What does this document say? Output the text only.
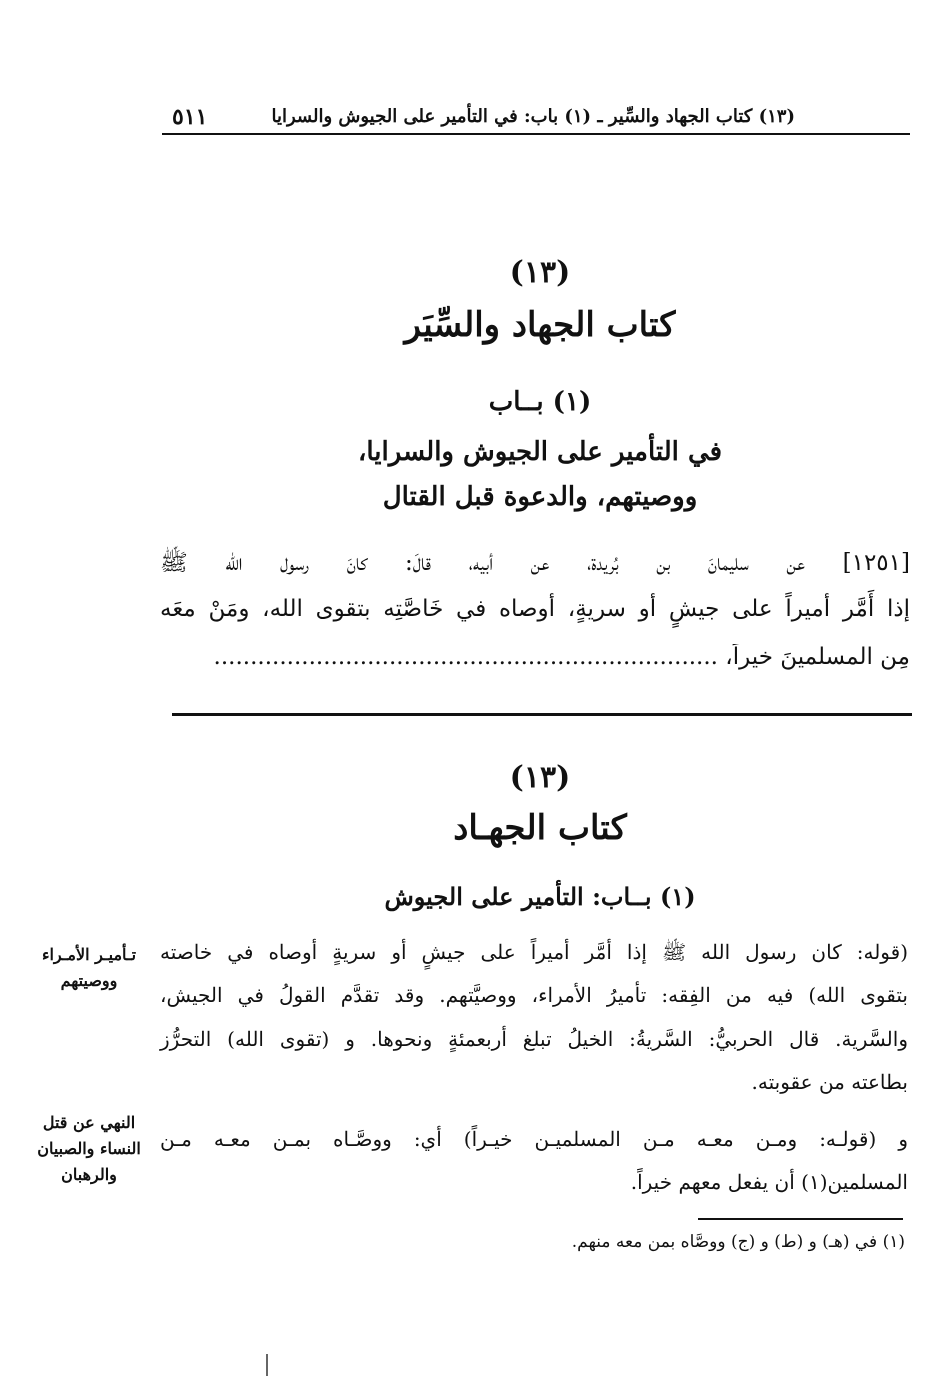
٥١١	(١٣) كتاب الجهاد والسِّير ـ (١) باب: في التأمير على الجيوش والسرايا
(١٣)
كتاب الجهاد والسِّيَر
(١) بــاب
في التأمير على الجيوش والسرايا،
ووصيتهم، والدعوة قبل القتال
[١٢٥١] عن سليمانَ بن بُريدة، عن أبيه، قالَ: كانَ رسول الله ﷺ
إذا أَمَّر أميراً على جيشٍ أو سريةٍ، أوصاه في خَاصَّتِه بتقوى الله، ومَنْ معَه
مِن المسلمينَ خيراً، .....................................................................
(١٣)
كتاب الجهـاد
(١) بــاب: التأمير على الجيوش
(قوله: كان رسول الله ﷺ إذا أمَّر أميراً على جيشٍ أو سريةٍ أوصاه في خاصته
بتقوى الله) فيه من الفِقه: تأميرُ الأمراء، ووصيَّتهم. وقد تقدَّم القولُ في الجيش،
والسَّرية. قال الحربيُّ: السَّريةُ: الخيلُ تبلغ أربعمئةٍ ونحوها. و (تقوى الله) التحرُّز
بطاعته من عقوبته.
و (قولـه: ومـن معـه مـن المسلميـن خيـراً) أي: ووصَّـاه بمـن معـه مـن
المسلمين(١) أن يفعل معهم خيراً.
تـأميـر الأمـراء
ووصيتهم
النهي عن قتل
النساء والصبيان
والرهبان
(١) في (هـ) و (ط) و (ج) ووصَّاه بمن معه منهم.
